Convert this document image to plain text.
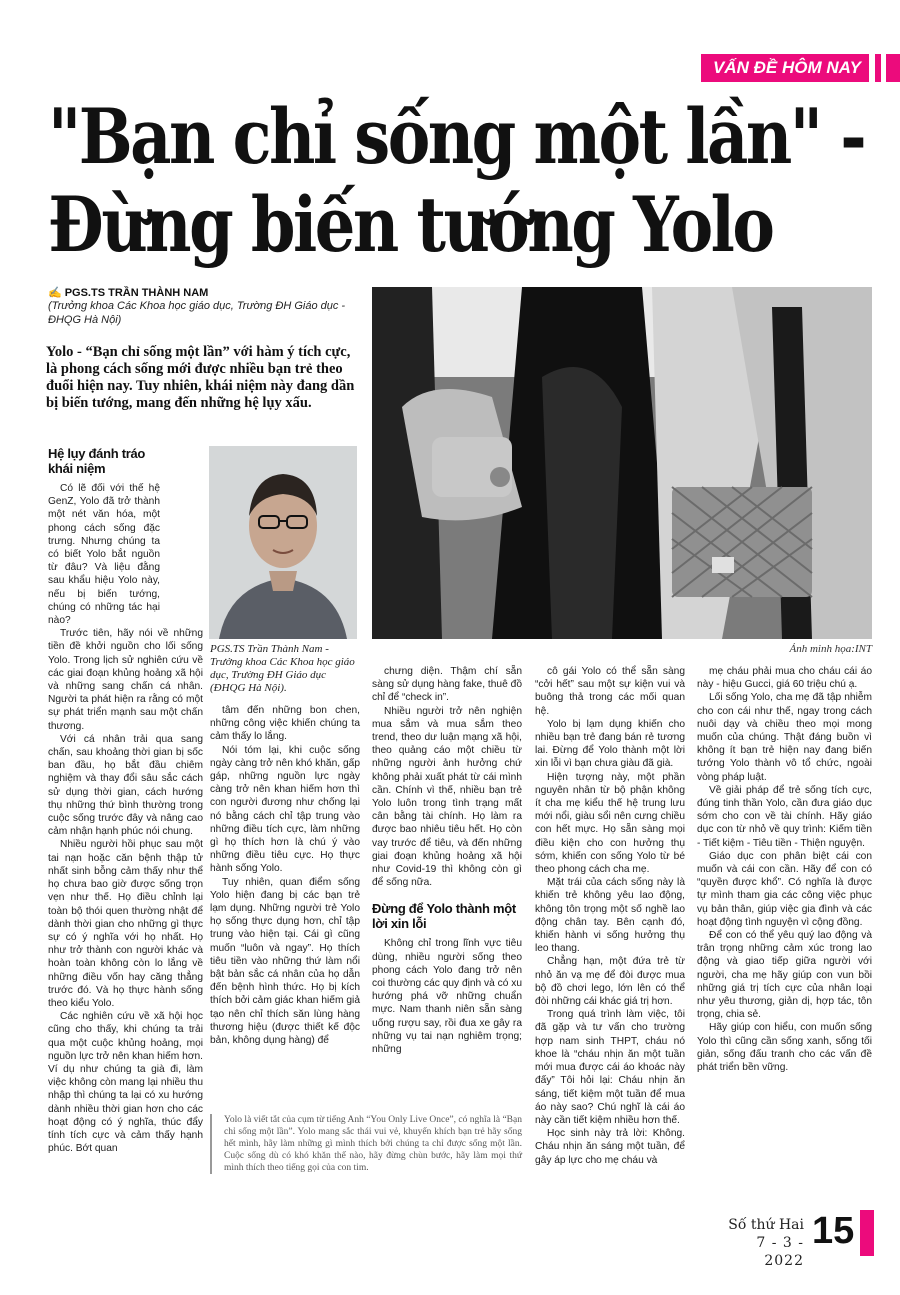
VẤN ĐỀ HÔM NAY
"Bạn chỉ sống một lần" -
Đừng biến tướng Yolo
✍ PGS.TS TRẦN THÀNH NAM
(Trưởng khoa Các Khoa học giáo dục, Trường ĐH Giáo dục - ĐHQG Hà Nội)
Yolo - “Bạn chỉ sống một lần” với hàm ý tích cực, là phong cách sống mới được nhiều bạn trẻ theo đuổi hiện nay. Tuy nhiên, khái niệm này đang dần bị biến tướng, mang đến những hệ lụy xấu.
Ảnh minh họa:INT
PGS.TS Trần Thành Nam - Trưởng khoa Các Khoa học giáo dục, Trường ĐH Giáo dục (ĐHQG Hà Nội).
Hệ lụy đánh tráo khái niệm

Có lẽ đối với thế hệ GenZ, Yolo đã trở thành một nét văn hóa, một phong cách sống đặc trưng. Nhưng chúng ta có biết Yolo bắt nguồn từ đâu? Và liệu đằng sau khẩu hiệu Yolo này, nếu bị biến tướng, chúng có những tác hại nào?

Trước tiên, hãy nói về những tiền đề khởi nguồn cho lối sống Yolo. Trong lịch sử nghiên cứu về các giai đoạn khủng hoảng xã hội và những sang chấn cá nhân. Người ta phát hiện ra rằng có một sự phát triển mạnh sau một chấn thương.

Với cá nhân trải qua sang chấn, sau khoảng thời gian bị sốc ban đầu, họ bắt đầu chiêm nghiệm và thay đổi sâu sắc cách sử dụng thời gian, cách hướng thụ những thứ bình thường trong cuộc sống trước đây và nâng cao cảm nhận hạnh phúc nói chung.

Nhiều người hồi phục sau một tai nạn hoặc căn bệnh thập tử nhất sinh bỗng cảm thấy như thể họ chưa bao giờ được sống trọn vẹn như thế. Họ điều chỉnh lại toàn bộ thói quen thường nhật để dành thời gian cho những gì thực sự có ý nghĩa với họ nhất. Họ như trở thành con người khác và hoàn toàn không còn lo lắng về những điều vốn hay căng thẳng trước đó. Và họ thực hành sống theo kiểu Yolo.

Các nghiên cứu về xã hội học cũng cho thấy, khi chúng ta trải qua một cuộc khủng hoảng, mọi nguồn lực trở nên khan hiếm hơn. Ví dụ như chúng ta già đi, làm việc không còn mang lại nhiều thu nhập thì chúng ta lại có xu hướng dành nhiều thời gian hơn cho các hoạt động có ý nghĩa, thúc đẩy tính tích cực và cảm thấy hạnh phúc. Bớt quan

tâm đến những bon chen, những công việc khiến chúng ta cảm thấy lo lắng.

Nói tóm lại, khi cuộc sống ngày càng trở nên khó khăn, gấp gáp, những nguồn lực ngày càng trở nên khan hiếm hơn thì con người đương như chống lại nó bằng cách chỉ tập trung vào những điều tích cực, làm những gì họ thích hơn là chú ý vào những điều tiêu cực. Họ thực hành sống Yolo.

Tuy nhiên, quan điểm sống Yolo hiện đang bị các bạn trẻ lạm dụng. Những người trẻ Yolo họ sống thực dụng hơn, chỉ tập trung vào hiện tại. Cái gì cũng muốn “luôn và ngay”. Họ thích tiêu tiền vào những thứ làm nổi bật bản sắc cá nhân của họ dẫn đến bệnh hình thức. Họ bị kích thích bởi cảm giác khan hiếm giả tạo nên chỉ thích săn lùng hàng thương hiệu (được thiết kế độc bản, không dụng hàng) để

chưng diện. Thậm chí sẵn sàng sử dụng hàng fake, thuê đồ chỉ để “check in”.

Nhiều người trở nên nghiện mua sắm và mua sắm theo trend, theo dư luận mạng xã hội, theo quảng cáo một chiều từ những người ảnh hưởng chứ không phải xuất phát từ cái mình cần. Chính vì thế, nhiều bạn trẻ Yolo luôn trong tình trạng mất cân bằng tài chính. Họ làm ra được bao nhiêu tiêu hết. Họ còn vay trước để tiêu, và đến những giai đoạn khủng hoảng xã hội như Covid-19 thì không còn gì để sống nữa.

Đừng để Yolo thành một lời xin lỗi

Không chỉ trong lĩnh vực tiêu dùng, nhiều người sống theo phong cách Yolo đang trở nên coi thường các quy định và có xu hướng phá vỡ những chuẩn mực. Nam thanh niên sẵn sàng uống rượu say, rồi đua xe gây ra những vụ tai nạn nghiêm trọng; những

cô gái Yolo có thể sẵn sàng “cởi hết” sau một sự kiện vui và buông thả trong các mối quan hệ.

Yolo bị lạm dụng khiến cho nhiều bạn trẻ đang bán rẻ tương lai. Đừng để Yolo thành một lời xin lỗi vì bạn chưa giàu đã già.

Hiện tượng này, một phần nguyên nhân từ bộ phận không ít cha mẹ kiểu thế hệ trung lưu mới nổi, giàu sổi nên cưng chiều con hết mực. Họ sẵn sàng mọi điều kiện cho con hưởng thụ sớm, khiến con sống Yolo từ bé theo phong cách cha mẹ.

Mặt trái của cách sống này là khiến trẻ không yêu lao động, không tôn trọng một số nghề lao động chân tay. Bên cạnh đó, khiến hành vi sống hưởng thụ leo thang.

Chẳng hạn, một đứa trẻ từ nhỏ ăn vạ mẹ để đòi được mua bộ đồ chơi lego, lớn lên có thể đòi những cái khác giá trị hơn.

Trong quá trình làm việc, tôi đã gặp và tư vấn cho trường hợp nam sinh THPT, cháu nó khoe là “cháu nhịn ăn một tuần mới mua được cái áo khoác này đấy” Tôi hỏi lại: Cháu nhịn ăn sáng, tiết kiệm một tuần để mua áo này sao? Chú nghĩ là cái áo này cần tiết kiệm nhiều hơn thế.

Học sinh này trả lời: Không. Cháu nhịn ăn sáng một tuần, để gây áp lực cho mẹ cháu và

mẹ cháu phải mua cho cháu cái áo này - hiệu Gucci, giá 60 triệu chú ạ.

Lối sống Yolo, cha mẹ đã tập nhiễm cho con cái như thế, ngay trong cách nuôi dạy và chiều theo mọi mong muốn của chúng. Thật đáng buồn vì không ít bạn trẻ hiện nay đang biến tướng Yolo thành vô tổ chức, ngoài vòng pháp luật.

Về giải pháp để trẻ sống tích cực, đúng tinh thần Yolo, cần đưa giáo dục sớm cho con về tài chính. Hãy giáo dục con từ nhỏ về quy trình: Kiếm tiền - Tiết kiệm - Tiêu tiền - Thiện nguyện.

Giáo dục con phân biệt cái con muốn và cái con cần. Hãy để con có “quyền được khổ”. Có nghĩa là được tự mình tham gia các công việc phục vụ bản thân, giúp việc gia đình và các hoạt động tình nguyện vì cộng đồng.

Để con có thể yêu quý lao động và trân trọng những cảm xúc trong lao động và giao tiếp giữa người với người, cha mẹ hãy giúp con vun bồi những giá trị tích cực của nhân loại như yêu thương, giản dị, hợp tác, tôn trọng, chia sẻ.

Hãy giúp con hiểu, con muốn sống Yolo thì cũng cần sống xanh, sống tối giản, sống đấu tranh cho các vấn đề phát triển bền vững.

Yolo là viết tắt của cụm từ tiếng Anh “You Only Live Once”, có nghĩa là “Bạn chỉ sống một lần”. Yolo mang sắc thái vui vẻ, khuyến khích bạn trẻ hãy sống hết mình, hãy làm những gì mình thích bởi chúng ta chỉ được sống một lần. Cuộc sống dù có khó khăn thế nào, hãy đừng chùn bước, hãy làm mọi thứ mình thích theo tiếng gọi của con tim.
Số thứ Hai
7 - 3 - 2022
15
